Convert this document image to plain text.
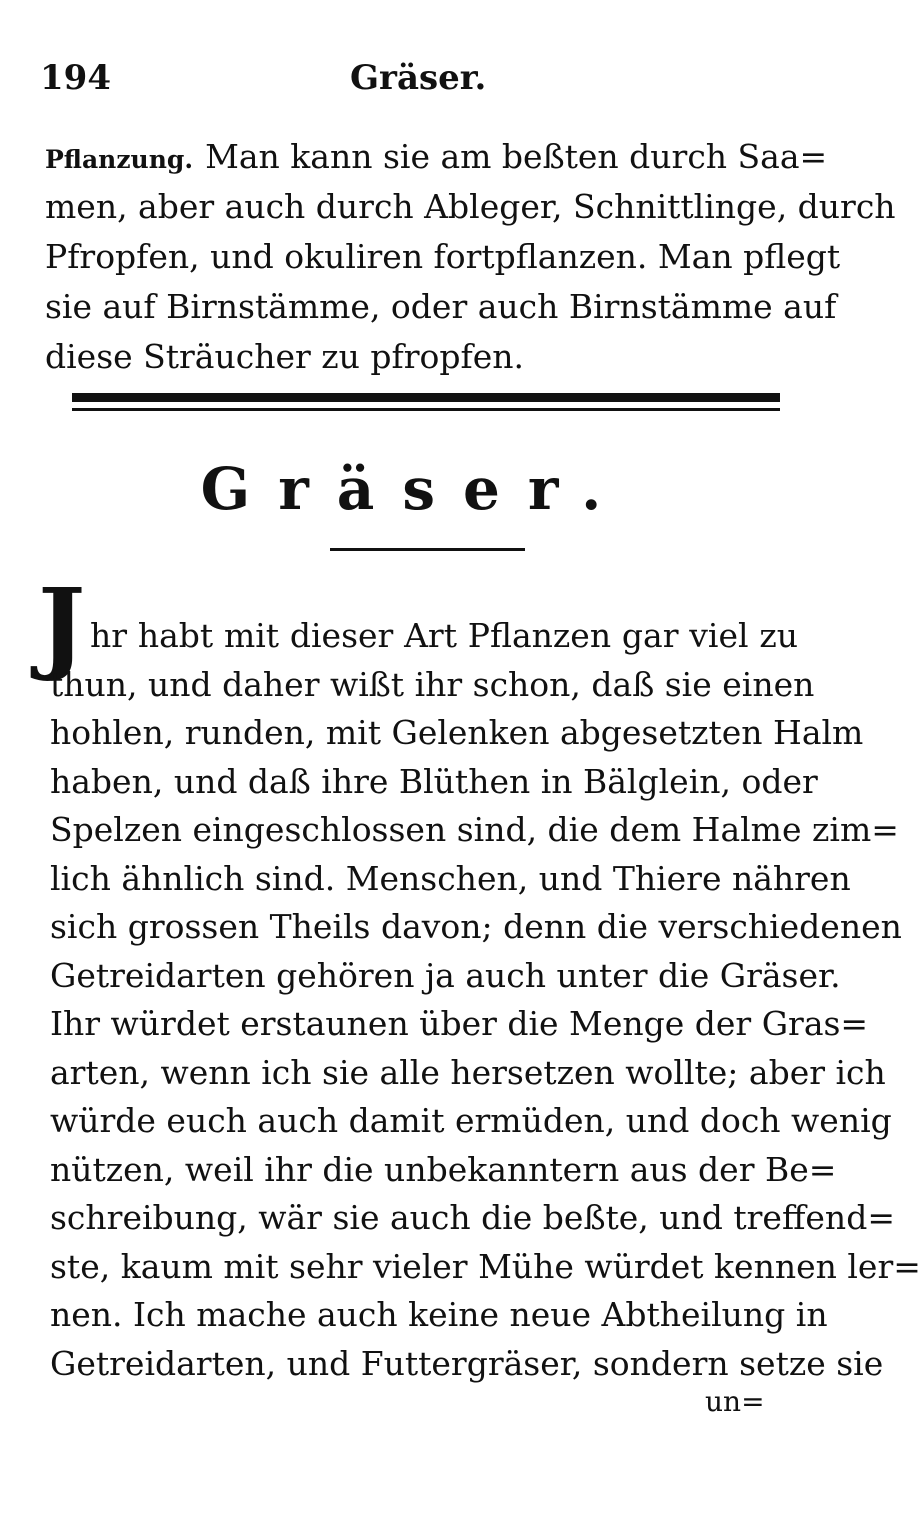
194	Gräser.
Pflanzung. Man kann sie am beßten durch Saa=
men, aber auch durch Ableger, Schnittlinge, durch
Pfropfen, und okuliren fortpflanzen. Man pflegt
sie auf Birnstämme, oder auch Birnstämme auf
diese Sträucher zu pfropfen.
Gräser.
J hr habt mit dieser Art Pflanzen gar viel zu
thun, und daher wißt ihr schon, daß sie einen
hohlen, runden, mit Gelenken abgesetzten Halm
haben, und daß ihre Blüthen in Bälglein, oder
Spelzen eingeschlossen sind, die dem Halme zim=
lich ähnlich sind. Menschen, und Thiere nähren
sich grossen Theils davon; denn die verschiedenen
Getreidarten gehören ja auch unter die Gräser.
Ihr würdet erstaunen über die Menge der Gras=
arten, wenn ich sie alle hersetzen wollte; aber ich
würde euch auch damit ermüden, und doch wenig
nützen, weil ihr die unbekanntern aus der Be=
schreibung, wär sie auch die beßte, und treffend=
ste, kaum mit sehr vieler Mühe würdet kennen ler=
nen. Ich mache auch keine neue Abtheilung in
Getreidarten, und Futtergräser, sondern setze sie
un=
